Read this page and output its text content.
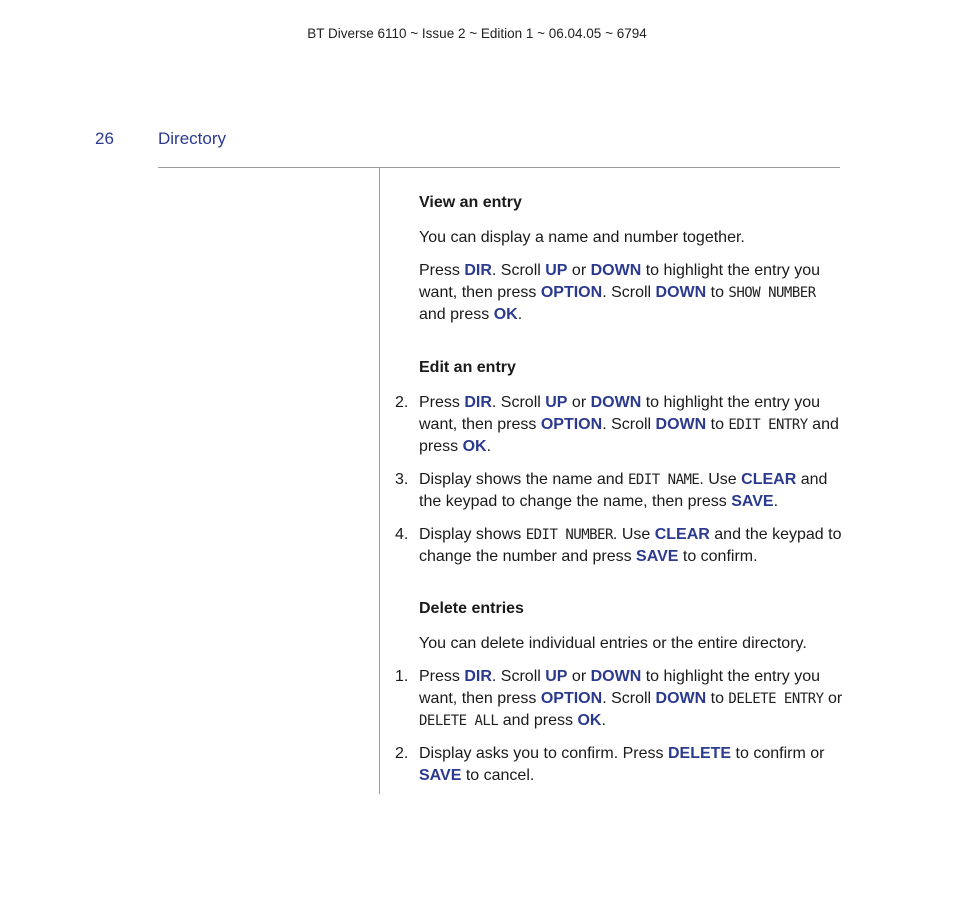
BT Diverse 6110 ~ Issue 2 ~ Edition 1 ~ 06.04.05 ~ 6794
26	Directory
View an entry
You can display a name and number together.
Press DIR. Scroll UP or DOWN to highlight the entry you want, then press OPTION. Scroll DOWN to SHOW NUMBER and press OK.
Edit an entry
2. Press DIR. Scroll UP or DOWN to highlight the entry you want, then press OPTION. Scroll DOWN to EDIT ENTRY and press OK.
3. Display shows the name and EDIT NAME. Use CLEAR and the keypad to change the name, then press SAVE.
4. Display shows EDIT NUMBER. Use CLEAR and the keypad to change the number and press SAVE to confirm.
Delete entries
You can delete individual entries or the entire directory.
1. Press DIR. Scroll UP or DOWN to highlight the entry you want, then press OPTION. Scroll DOWN to DELETE ENTRY or DELETE ALL and press OK.
2. Display asks you to confirm. Press DELETE to confirm or SAVE to cancel.
